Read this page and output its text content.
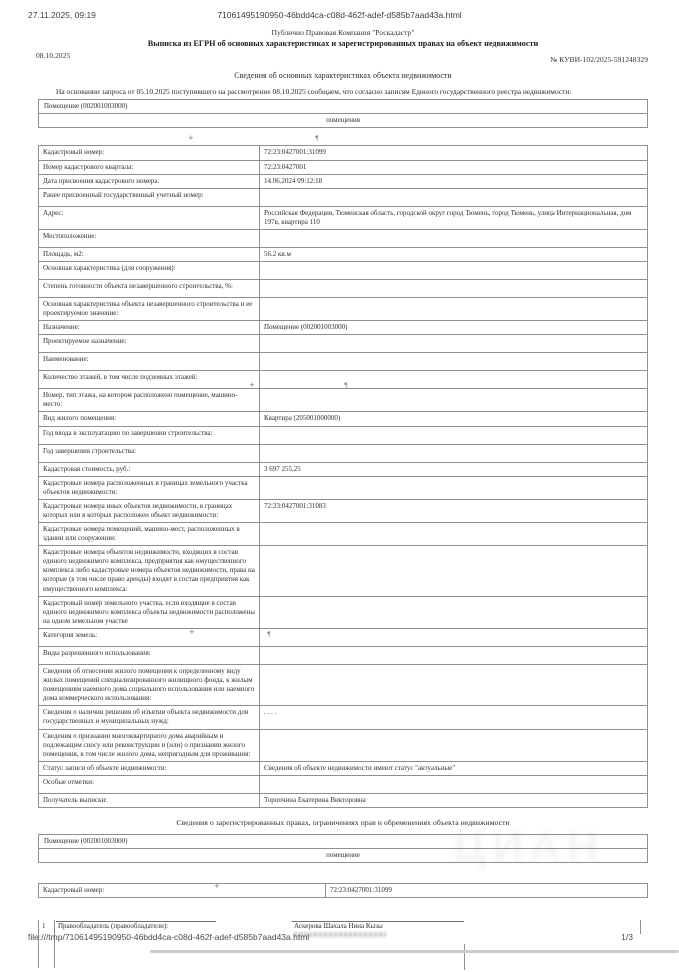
27.11.2025, 09:19	71061495190950-46bdd4ca-c08d-462f-adef-d585b7aad43a.html
Публично Правовая Компания "Роскадастр"
Выписка из ЕГРН об основных характеристиках и зарегистрированных правах на объект недвижимости
08.10.2025	№ КУВИ-102/2025-591248329
Сведения об основных характеристиках объекта недвижимости

На основании запроса от 05.10.2025 поступившего на рассмотрение 08.10.2025 сообщаем, что согласно записям Единого государственного реестра недвижимости:

Помещение (002001003000)
помещения
Кадастровый номер:	72:23:0427001:31099
Номер кадастрового квартала:	72:23:0427001
Дата присвоения кадастрового номера:	14.06.2024 09:12:18
Ранее присвоенный государственный учетный номер:	
Адрес:	Российская Федерация, Тюменская область, городской округ город Тюмень, город Тюмень, улица Интернациональная, дом 197в, квартира 110
Местоположение:	
Площадь, м2:	56.2 кв.м
Основная характеристика (для сооружения):	
Степень готовности объекта незавершенного строительства, %:	
Основная характеристика объекта незавершенного строительства и ее проектируемое значение:	
Назначение:	Помещение (002001003000)
Проектируемое назначение:	
Наименование:	
Количество этажей, в том числе подземных этажей:	
Номер, тип этажа, на котором расположено помещение, машино-место:	
Вид жилого помещения:	Квартира (205001000000)
Год ввода в эксплуатацию по завершении строительства:	
Год завершения строительства:	
Кадастровая стоимость, руб.:	3 697 255,25
Кадастровые номера расположенных в границах земельного участка объектов недвижимости:	
Кадастровые номера иных объектов недвижимости, в границах которых или в которых расположен объект недвижимости:	72:23:0427001:31083
Кадастровые номера помещений, машино-мест, расположенных в здании или сооружении:	
Кадастровые номера объектов недвижимости, входящих в состав единого недвижимого комплекса, предприятия как имущественного комплекса либо кадастровые номера объектов недвижимости, права на которые (в том числе право аренды) входят в состав предприятия как имущественного комплекса:	
Кадастровый номер земельного участка, если входящие в состав единого недвижимого комплекса объекты недвижимости расположены на одном земельном участке	
Категория земель:	
Виды разрешенного использования:	
Сведения об отнесении жилого помещения к определенному виду жилых помещений специализированного жилищного фонда, к жилым помещениям наемного дома социального использования или наемного дома коммерческого использования:	
Сведения о наличии решения об изъятии объекта недвижимости для государственных и муниципальных нужд:	. . . .
Сведения о признании многоквартирного дома аварийным и подлежащим сносу или реконструкции и (или) о признании жилого помещения, в том числе жилого дома, непригодным для проживания:	
Статус записи об объекте недвижимости:	Сведения об объекте недвижимости имеют статус "актуальные"
Особые отметки:	
Получатель выписки:	Торопчина Екатерина Викторовна
Сведения о зарегистрированных правах, ограничениях прав и обременениях объекта недвижимости
Помещение (002001003000)
помещение
Кадастровый номер:	72:23:0427001:31099
1 Правообладатель (правообладатели):	Аскерова Шахала Нина Кызы
+	¶
+	¶
+	¶
+
ЦИАН
file:///tmp/71061495190950-46bdd4ca-c08d-462f-adef-d585b7aad43a.html	1/3
